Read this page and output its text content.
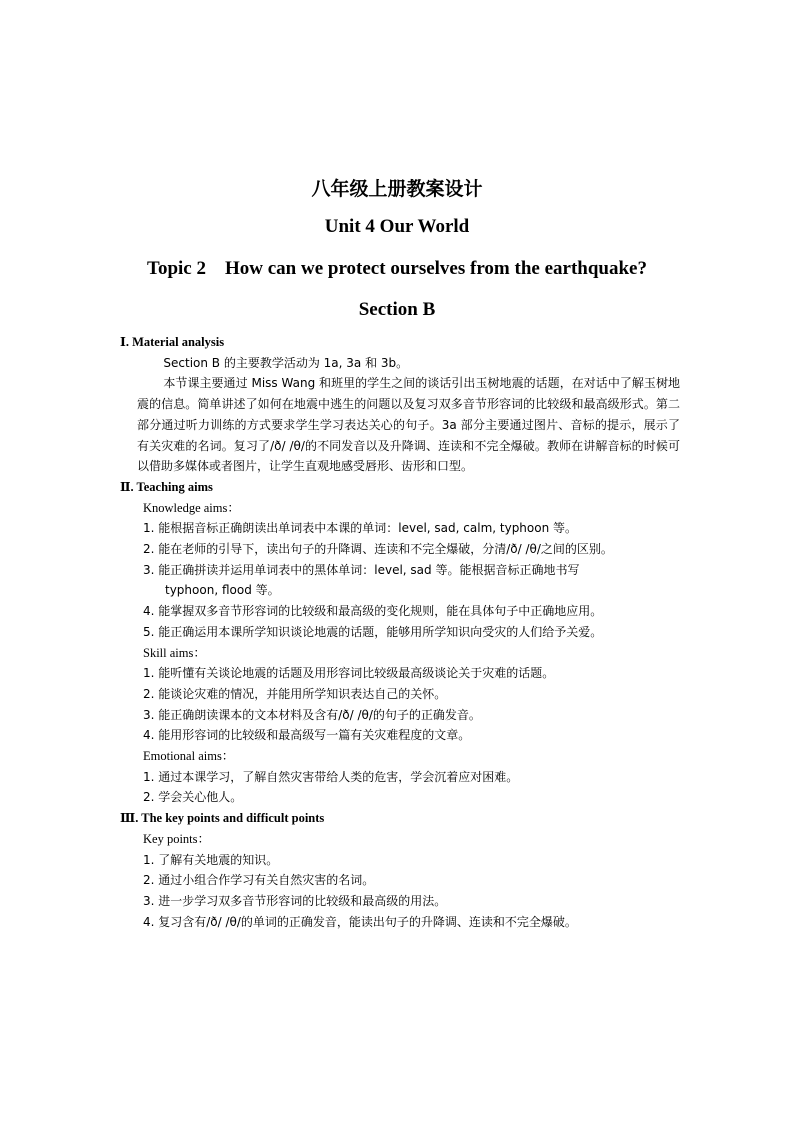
八年级上册教案设计
Unit 4 Our World
Topic 2    How can we protect ourselves from the earthquake?
Section B
Ⅰ. Material analysis

Section B 的主要教学活动为 1a, 3a 和 3b。

本节课主要通过 Miss Wang 和班里的学生之间的谈话引出玉树地震的话题，在对话中了解玉树地震的信息。简单讲述了如何在地震中逃生的问题以及复习双多音节形容词的比较级和最高级形式。第二部分通过听力训练的方式要求学生学习表达关心的句子。3a 部分主要通过图片、音标的提示，展示了有关灾难的名词。复习了/ð/ /θ/的不同发音以及升降调、连读和不完全爆破。教师在讲解音标的时候可以借助多媒体或者图片，让学生直观地感受唇形、齿形和口型。

Ⅱ. Teaching aims
Knowledge aims：
1. 能根据音标正确朗读出单词表中本课的单词：level, sad, calm, typhoon 等。
2. 能在老师的引导下，读出句子的升降调、连读和不完全爆破，分清/ð/ /θ/之间的区别。
3. 能正确拼读并运用单词表中的黑体单词：level, sad 等。能根据音标正确地书写
typhoon, flood 等。
4. 能掌握双多音节形容词的比较级和最高级的变化规则，能在具体句子中正确地应用。
5. 能正确运用本课所学知识谈论地震的话题，能够用所学知识向受灾的人们给予关爱。
Skill aims：
1. 能听懂有关谈论地震的话题及用形容词比较级最高级谈论关于灾难的话题。
2. 能谈论灾难的情况，并能用所学知识表达自己的关怀。
3. 能正确朗读课本的文本材料及含有/ð/ /θ/的句子的正确发音。
4. 能用形容词的比较级和最高级写一篇有关灾难程度的文章。
Emotional aims：
1. 通过本课学习，了解自然灾害带给人类的危害，学会沉着应对困难。
2. 学会关心他人。
Ⅲ. The key points and difficult points
Key points：
1. 了解有关地震的知识。
2. 通过小组合作学习有关自然灾害的名词。
3. 进一步学习双多音节形容词的比较级和最高级的用法。
4. 复习含有/ð/ /θ/的单词的正确发音，能读出句子的升降调、连读和不完全爆破。
